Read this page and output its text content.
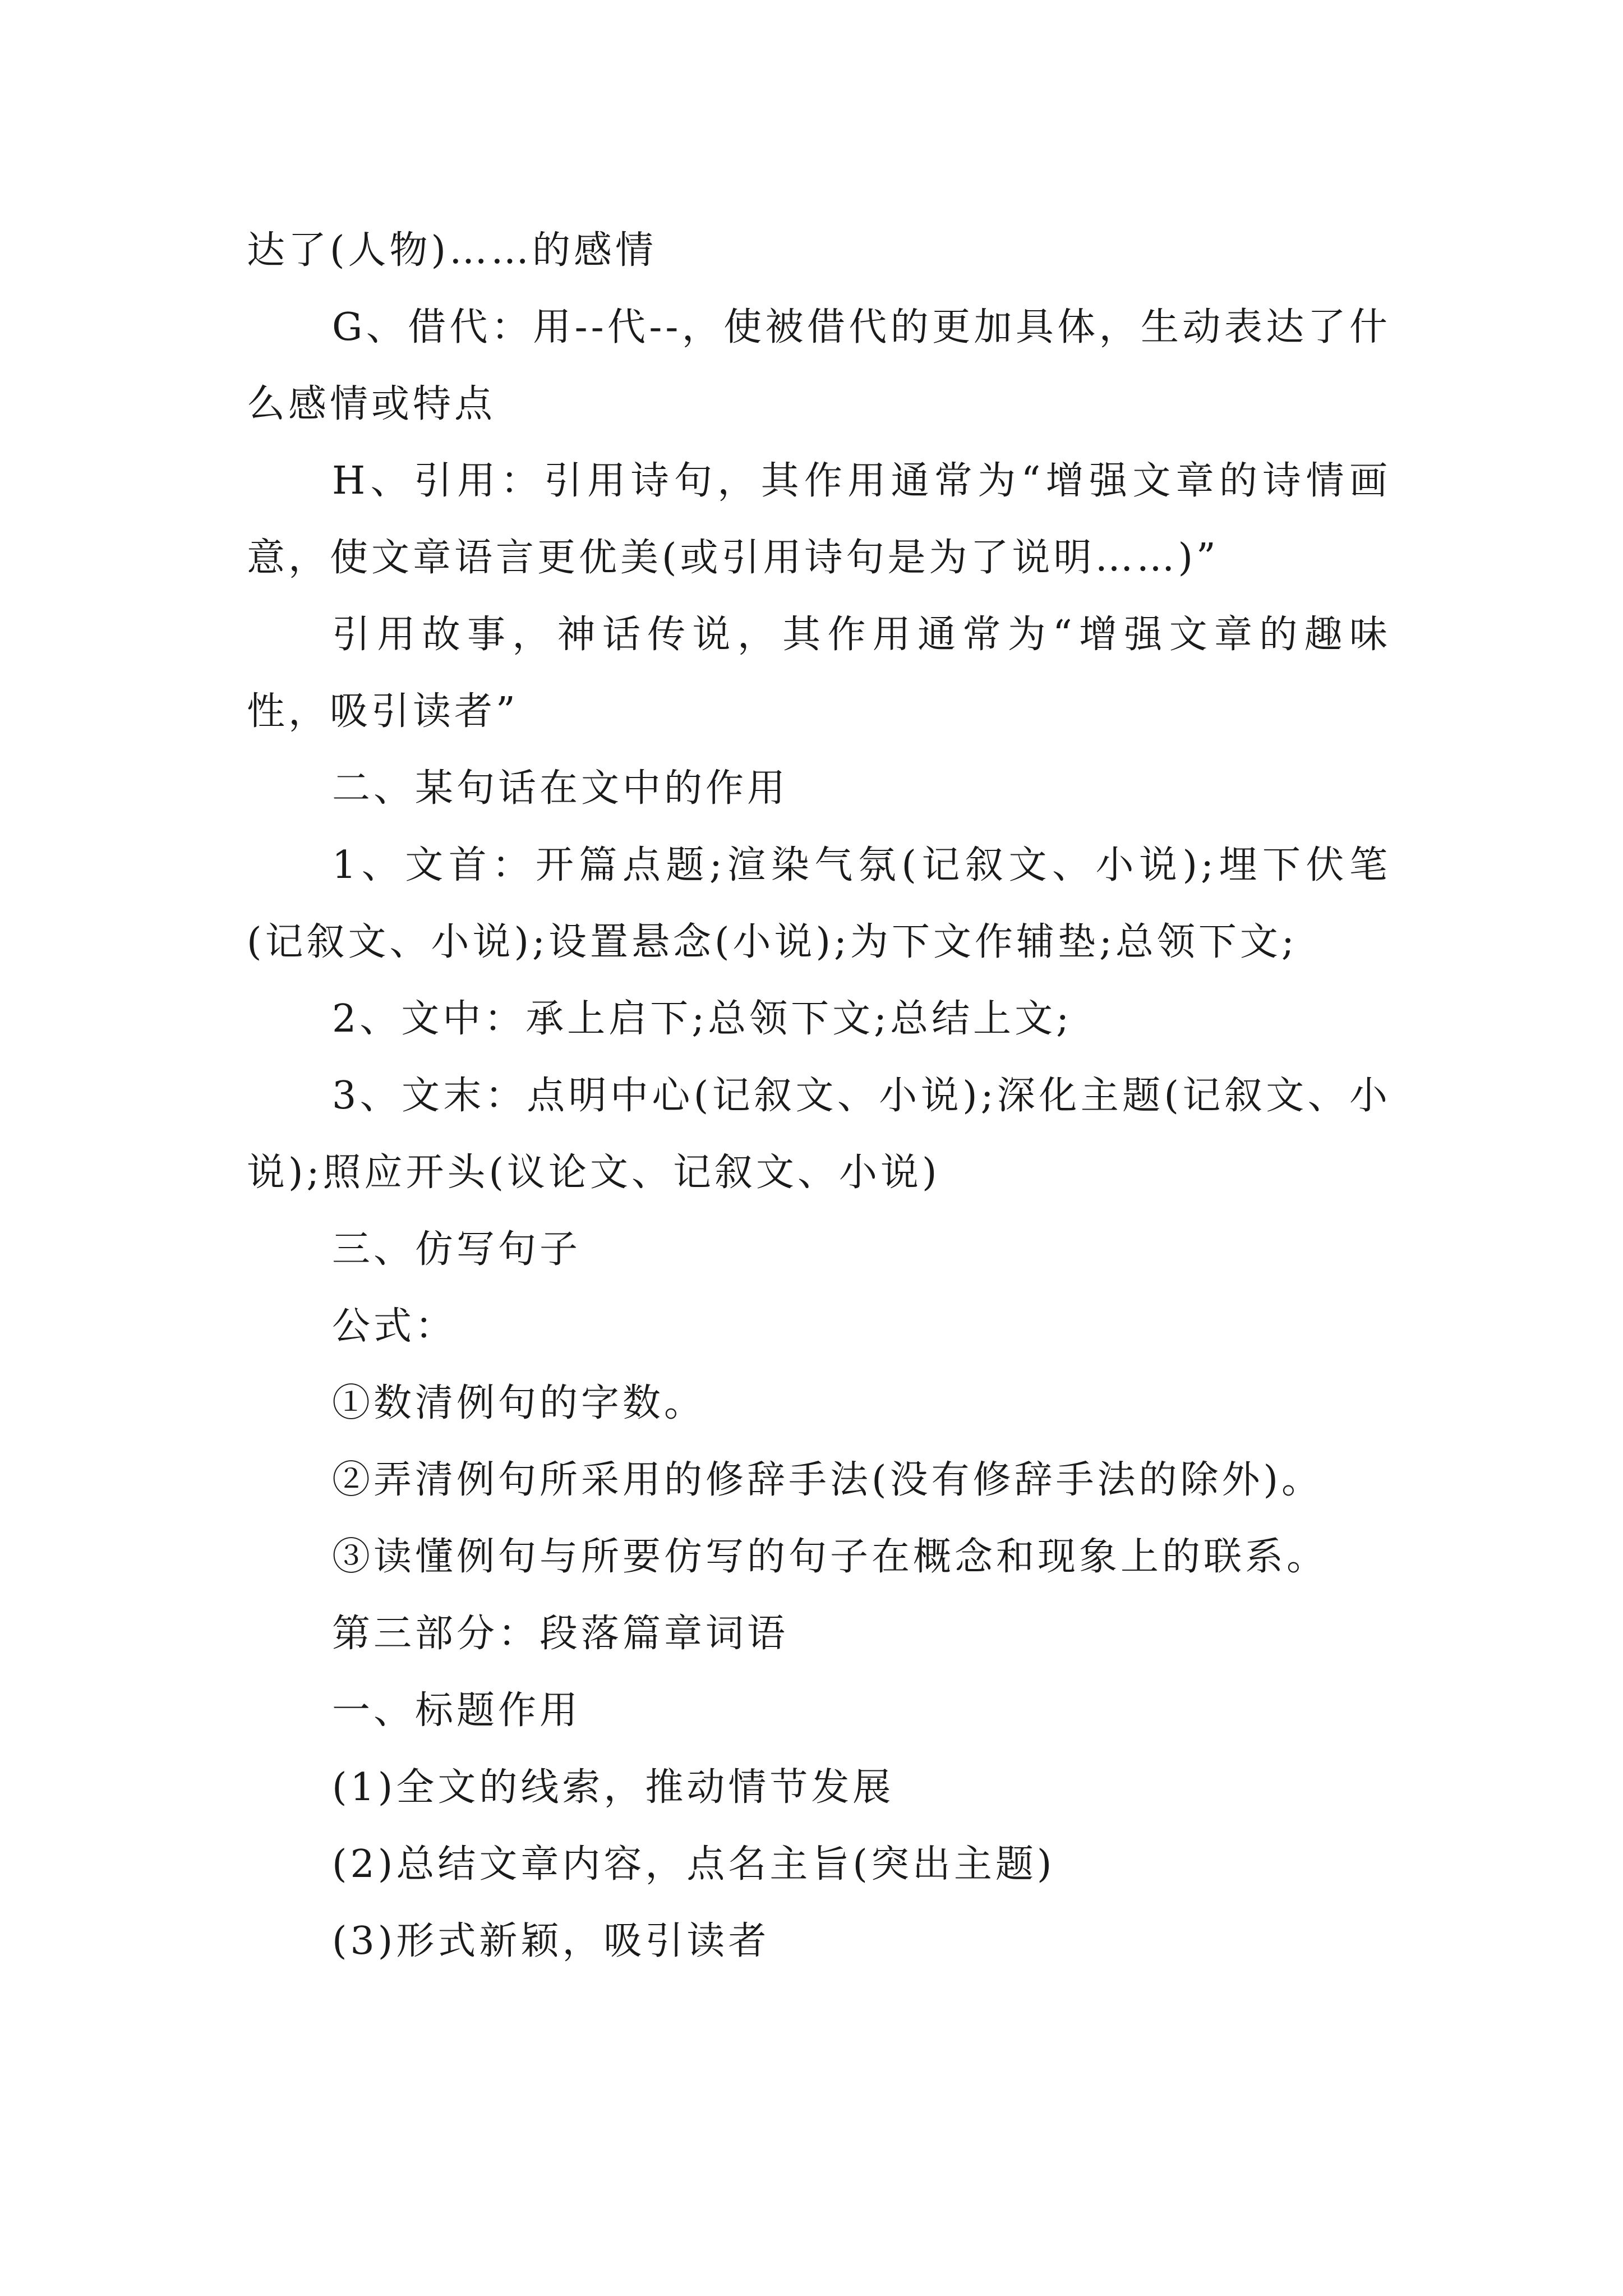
达了(人物)……的感情

G、借代：用--代--，使被借代的更加具体，生动表达了什么感情或特点

H、引用：引用诗句，其作用通常为“增强文章的诗情画意，使文章语言更优美(或引用诗句是为了说明……)”

引用故事，神话传说，其作用通常为“增强文章的趣味性，吸引读者”

二、某句话在文中的作用

1、文首：开篇点题;渲染气氛(记叙文、小说);埋下伏笔(记叙文、小说);设置悬念(小说);为下文作辅垫;总领下文;

2、文中：承上启下;总领下文;总结上文;

3、文末：点明中心(记叙文、小说);深化主题(记叙文、小说);照应开头(议论文、记叙文、小说)

三、仿写句子

公式：

①数清例句的字数。

②弄清例句所采用的修辞手法(没有修辞手法的除外)。

③读懂例句与所要仿写的句子在概念和现象上的联系。

第三部分：段落篇章词语

一、标题作用

(1)全文的线索，推动情节发展

(2)总结文章内容，点名主旨(突出主题)

(3)形式新颖，吸引读者
